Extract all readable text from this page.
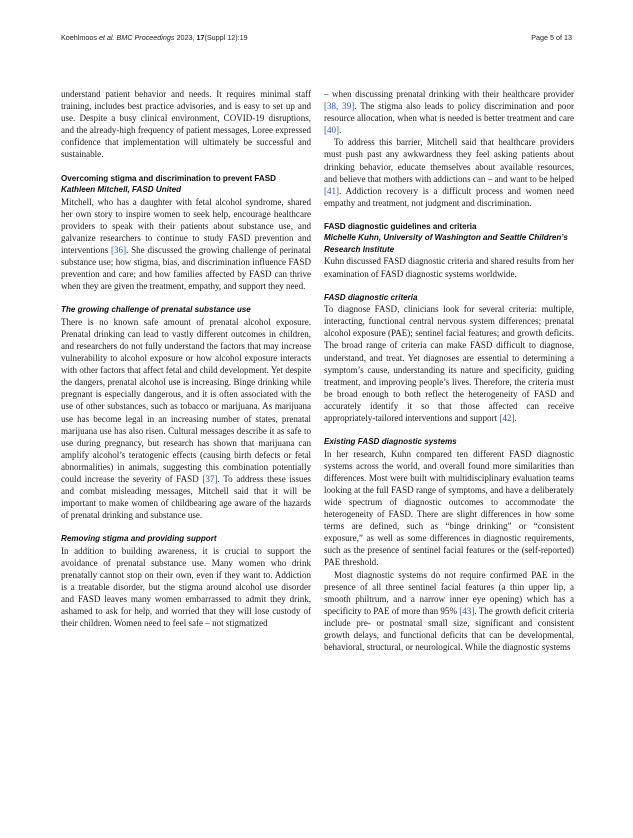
Koehlmoos et al. BMC Proceedings 2023, 17(Suppl 12):19	Page 5 of 13

understand patient behavior and needs. It requires minimal staff training, includes best practice advisories, and is easy to set up and use. Despite a busy clinical environment, COVID-19 disruptions, and the already-high frequency of patient messages, Loree expressed confidence that implementation will ultimately be successful and sustainable.

Overcoming stigma and discrimination to prevent FASD

Kathleen Mitchell, FASD United

Mitchell, who has a daughter with fetal alcohol syndrome, shared her own story to inspire women to seek help, encourage healthcare providers to speak with their patients about substance use, and galvanize researchers to continue to study FASD prevention and interventions [36]. She discussed the growing challenge of perinatal substance use; how stigma, bias, and discrimination influence FASD prevention and care; and how families affected by FASD can thrive when they are given the treatment, empathy, and support they need.

The growing challenge of prenatal substance use

There is no known safe amount of prenatal alcohol exposure. Prenatal drinking can lead to vastly different outcomes in children, and researchers do not fully understand the factors that may increase vulnerability to alcohol exposure or how alcohol exposure interacts with other factors that affect fetal and child development. Yet despite the dangers, prenatal alcohol use is increasing. Binge drinking while pregnant is especially dangerous, and it is often associated with the use of other substances, such as tobacco or marijuana. As marijuana use has become legal in an increasing number of states, prenatal marijuana use has also risen. Cultural messages describe it as safe to use during pregnancy, but research has shown that marijuana can amplify alcohol’s teratogenic effects (causing birth defects or fetal abnormalities) in animals, suggesting this combination potentially could increase the severity of FASD [37]. To address these issues and combat misleading messages, Mitchell said that it will be important to make women of childbearing age aware of the hazards of prenatal drinking and substance use.

Removing stigma and providing support

In addition to building awareness, it is crucial to support the avoidance of prenatal substance use. Many women who drink prenatally cannot stop on their own, even if they want to. Addiction is a treatable disorder, but the stigma around alcohol use disorder and FASD leaves many women embarrassed to admit they drink, ashamed to ask for help, and worried that they will lose custody of their children. Women need to feel safe – not stigmatized

– when discussing prenatal drinking with their healthcare provider [38, 39]. The stigma also leads to policy discrimination and poor resource allocation, when what is needed is better treatment and care [40].

To address this barrier, Mitchell said that healthcare providers must push past any awkwardness they feel asking patients about drinking behavior, educate themselves about available resources, and believe that mothers with addictions can – and want to be helped [41]. Addiction recovery is a difficult process and women need empathy and treatment, not judgment and discrimination.

FASD diagnostic guidelines and criteria

Michelle Kuhn, University of Washington and Seattle Children’s Research Institute

Kuhn discussed FASD diagnostic criteria and shared results from her examination of FASD diagnostic systems worldwide.

FASD diagnostic criteria

To diagnose FASD, clinicians look for several criteria: multiple, interacting, functional central nervous system differences; prenatal alcohol exposure (PAE); sentinel facial features; and growth deficits. The broad range of criteria can make FASD difficult to diagnose, understand, and treat. Yet diagnoses are essential to determining a symptom’s cause, understanding its nature and specificity, guiding treatment, and improving people’s lives. Therefore, the criteria must be broad enough to both reflect the heterogeneity of FASD and accurately identify it so that those affected can receive appropriately-tailored interventions and support [42].

Existing FASD diagnostic systems

In her research, Kuhn compared ten different FASD diagnostic systems across the world, and overall found more similarities than differences. Most were built with multidisciplinary evaluation teams looking at the full FASD range of symptoms, and have a deliberately wide spectrum of diagnostic outcomes to accommodate the heterogeneity of FASD. There are slight differences in how some terms are defined, such as “binge drinking” or “consistent exposure,” as well as some differences in diagnostic requirements, such as the presence of sentinel facial features or the (self-reported) PAE threshold.

Most diagnostic systems do not require confirmed PAE in the presence of all three sentinel facial features (a thin upper lip, a smooth philtrum, and a narrow inner eye opening) which has a specificity to PAE of more than 95% [43]. The growth deficit criteria include pre- or postnatal small size, significant and consistent growth delays, and functional deficits that can be developmental, behavioral, structural, or neurological. While the diagnostic systems
